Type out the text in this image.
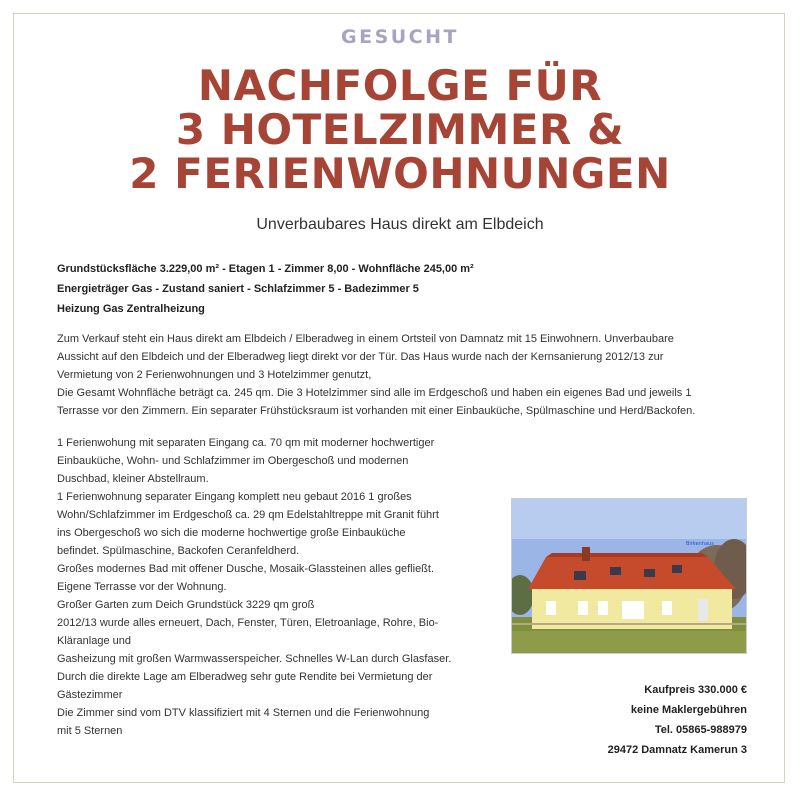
GESUCHT
NACHFOLGE FÜR
3 HOTELZIMMER &
2 FERIENWOHNUNGEN
Unverbaubares Haus direkt am Elbdeich
Grundstücksfläche 3.229,00 m² - Etagen 1 - Zimmer 8,00 - Wohnfläche 245,00 m²
Energieträger Gas - Zustand saniert - Schlafzimmer 5 - Badezimmer 5
Heizung Gas Zentralheizung
Zum Verkauf steht ein Haus direkt am Elbdeich / Elberadweg in einem Ortsteil von Damnatz mit 15 Einwohnern. Unverbaubare
Aussicht auf den Elbdeich und der Elberadweg liegt direkt vor der Tür. Das Haus wurde nach der Kernsanierung 2012/13 zur
Vermietung von 2 Ferienwohnungen und 3 Hotelzimmer genutzt,
Die Gesamt Wohnfläche beträgt ca. 245 qm. Die 3 Hotelzimmer sind alle im Erdgeschoß und haben ein eigenes Bad und jeweils 1
Terrasse vor den Zimmern. Ein separater Frühstücksraum ist vorhanden mit einer Einbauküche, Spülmaschine und Herd/Backofen.
1 Ferienwohung mit separaten Eingang ca. 70 qm mit moderner hochwertiger
Einbauküche, Wohn- und Schlafzimmer im Obergeschoß und modernen
Duschbad, kleiner Abstellraum.
1 Ferienwohnung separater Eingang komplett neu gebaut 2016 1 großes
Wohn/Schlafzimmer im Erdgeschoß ca. 29 qm Edelstahltreppe mit Granit führt
ins Obergeschoß wo sich die moderne hochwertige große Einbauküche
befindet. Spülmaschine, Backofen Ceranfeldherd.
Großes modernes Bad mit offener Dusche, Mosaik-Glassteinen alles gefließt.
Eigene Terrasse vor der Wohnung.
Großer Garten zum Deich Grundstück 3229 qm groß
2012/13 wurde alles erneuert, Dach, Fenster, Türen, Eletroanlage, Rohre, Bio-
Kläranlage und
Gasheizung mit großen Warmwasserspeicher. Schnelles W-Lan durch Glasfaser.
Durch die direkte Lage am Elberadweg sehr gute Rendite bei Vermietung der
Gästezimmer
Die Zimmer sind vom DTV klassifiziert mit 4 Sternen und die Ferienwohnung
mit 5 Sternen
Birkenhaus
Kaufpreis 330.000 €
keine Maklergebühren
Tel. 05865-988979
29472 Damnatz Kamerun 3
